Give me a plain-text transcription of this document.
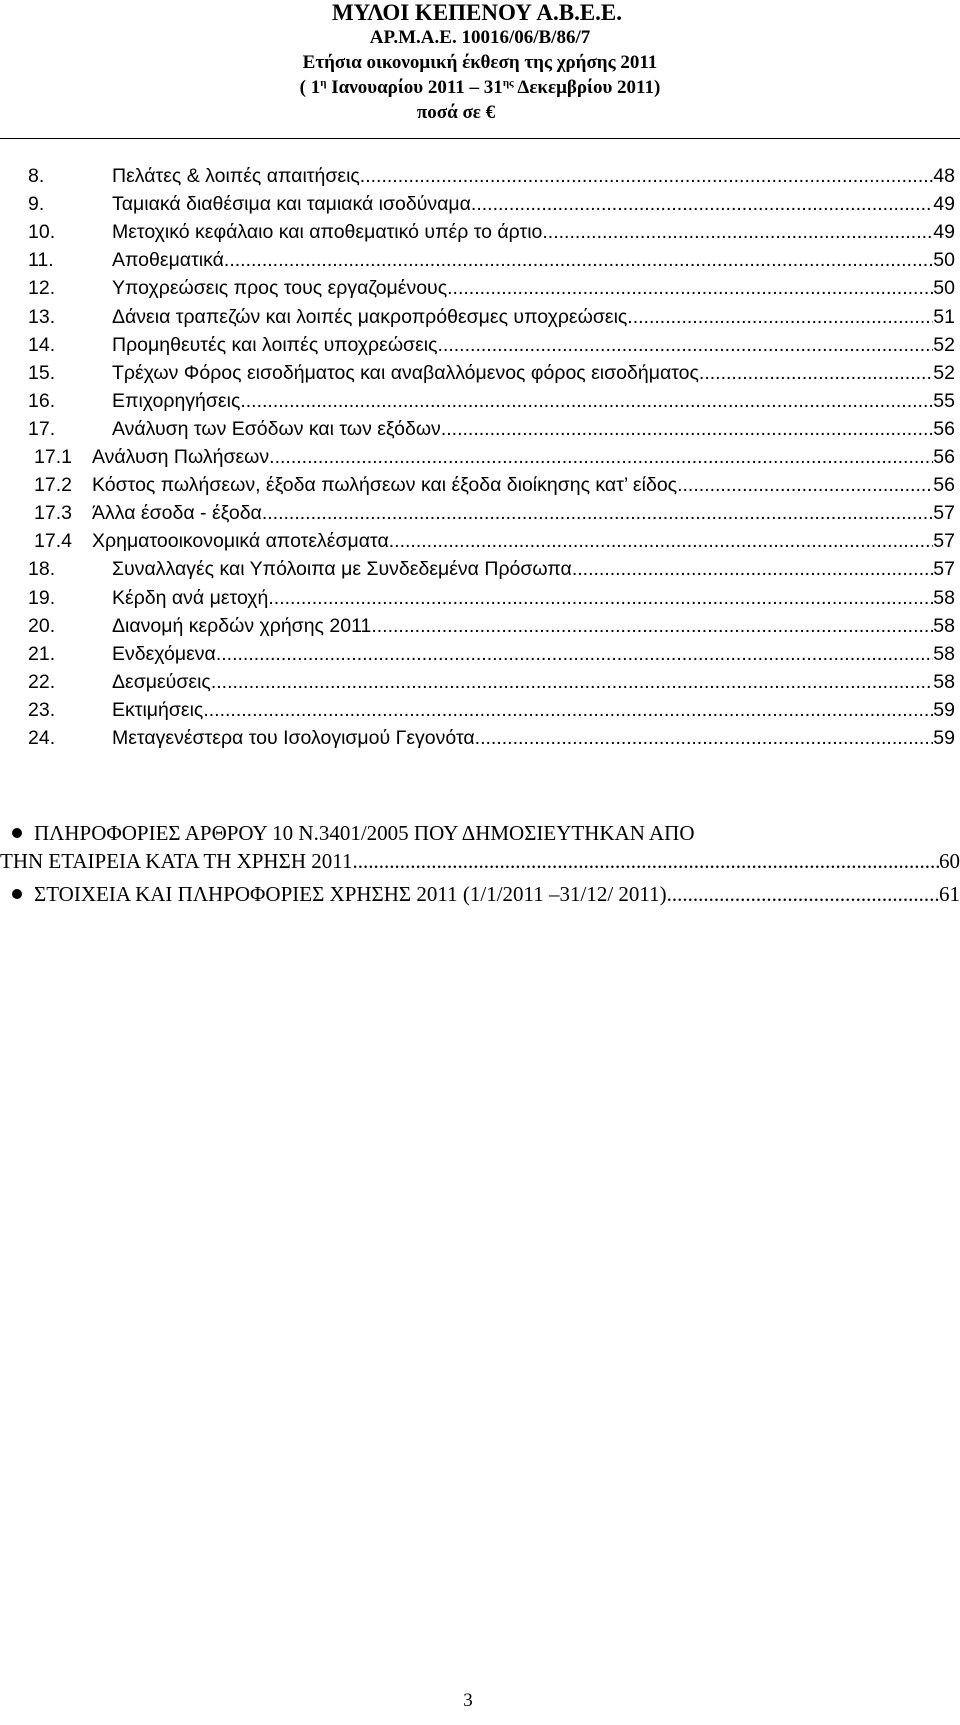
ΜΥΛΟΙ ΚΕΠΕΝΟΥ Α.Β.Ε.Ε.
ΑΡ.Μ.Α.Ε. 10016/06/Β/86/7
Ετήσια οικονομική έκθεση της χρήσης 2011
( $1^\eta$ Ιανουαρίου $2011 - 31^{\eta\varsigma}$ Δεκεμβρίου 2011)
ποσά σε €
8.	Πελάτες & λοιπές απαιτήσεις .....	48
9.	Ταμιακά διαθέσιμα και ταμιακά ισοδύναμα .....	49
10.	Μετοχικό κεφάλαιο και αποθεματικό υπέρ το άρτιο .....	49
11.	Αποθεματικά .....	50
12.	Υποχρεώσεις προς τους εργαζομένους .....	50
13.	Δάνεια τραπεζών και λοιπές μακροπρόθεσμες υποχρεώσεις .....	51
14.	Προμηθευτές και λοιπές υποχρεώσεις .....	52
15.	Τρέχων Φόρος εισοδήματος και αναβαλλόμενος φόρος εισοδήματος .....	52
16.	Επιχορηγήσεις .....	55
17.	Ανάλυση των Εσόδων και των εξόδων .....	56
17.1	Ανάλυση Πωλήσεων .....	56
17.2	Κόστος πωλήσεων, έξοδα πωλήσεων και έξοδα διοίκησης κατ’ είδος .....	56
17.3	Άλλα έσοδα - έξοδα .....	57
17.4	Χρηματοοικονομικά αποτελέσματα .....	57
18.	Συναλλαγές και Υπόλοιπα με Συνδεδεμένα Πρόσωπα .....	57
19.	Κέρδη ανά μετοχή .....	58
20.	Διανομή κερδών χρήσης 2011 .....	58
21.	Ενδεχόμενα .....	58
22.	Δεσμεύσεις .....	58
23.	Εκτιμήσεις .....	59
24.	Μεταγενέστερα του Ισολογισμού Γεγονότα .....	59
ΠΛΗΡΟΦΟΡΙΕΣ ΑΡΘΡΟΥ 10 Ν.3401/2005 ΠΟΥ ΔΗΜΟΣΙΕΥΤΗΚΑΝ ΑΠΟ
ΤΗΝ ΕΤΑΙΡΕΙΑ ΚΑΤΑ ΤΗ ΧΡΗΣΗ 2011 .....	60
ΣΤΟΙΧΕΙΑ ΚΑΙ ΠΛΗΡΟΦΟΡΙΕΣ ΧΡΗΣΗΣ 2011 (1/1/2011 –31/12/ 2011) .....	61
3
